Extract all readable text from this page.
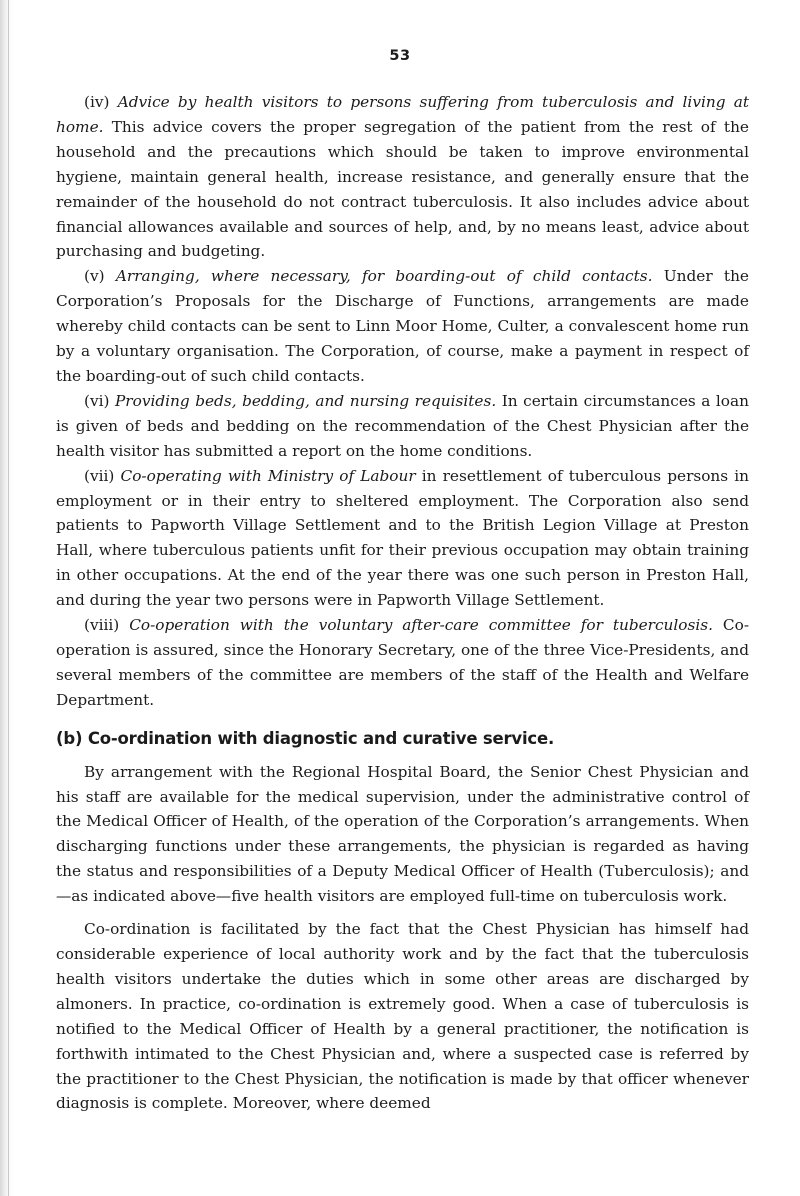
53

(iv) Advice by health visitors to persons suffering from tuberculosis and living at home. This advice covers the proper segregation of the patient from the rest of the household and the precautions which should be taken to improve environmental hygiene, maintain general health, increase resistance, and generally ensure that the remainder of the household do not contract tuberculosis. It also includes advice about financial allowances available and sources of help, and, by no means least, advice about purchasing and budgeting.

(v) Arranging, where necessary, for boarding-out of child contacts. Under the Corporation’s Proposals for the Discharge of Functions, arrangements are made whereby child contacts can be sent to Linn Moor Home, Culter, a convalescent home run by a voluntary organisation. The Corporation, of course, make a payment in respect of the boarding-out of such child contacts.

(vi) Providing beds, bedding, and nursing requisites. In certain circumstances a loan is given of beds and bedding on the recommendation of the Chest Physician after the health visitor has submitted a report on the home conditions.

(vii) Co-operating with Ministry of Labour in resettlement of tuberculous persons in employment or in their entry to sheltered employment. The Corporation also send patients to Papworth Village Settlement and to the British Legion Village at Preston Hall, where tuberculous patients unfit for their previous occupation may obtain training in other occupations. At the end of the year there was one such person in Preston Hall, and during the year two persons were in Papworth Village Settlement.

(viii) Co-operation with the voluntary after-care committee for tuberculosis. Co-operation is assured, since the Honorary Secretary, one of the three Vice-Presidents, and several members of the committee are members of the staff of the Health and Welfare Department.

(b) Co-ordination with diagnostic and curative service.

By arrangement with the Regional Hospital Board, the Senior Chest Physician and his staff are available for the medical supervision, under the administrative control of the Medical Officer of Health, of the operation of the Corporation’s arrangements. When discharging functions under these arrangements, the physician is regarded as having the status and responsibilities of a Deputy Medical Officer of Health (Tuberculosis); and—as indicated above—five health visitors are employed full-time on tuberculosis work.

Co-ordination is facilitated by the fact that the Chest Physician has himself had considerable experience of local authority work and by the fact that the tuberculosis health visitors undertake the duties which in some other areas are discharged by almoners. In practice, co-ordination is extremely good. When a case of tuberculosis is notified to the Medical Officer of Health by a general practitioner, the notification is forthwith intimated to the Chest Physician and, where a suspected case is referred by the practitioner to the Chest Physician, the notification is made by that officer whenever diagnosis is complete. Moreover, where deemed
